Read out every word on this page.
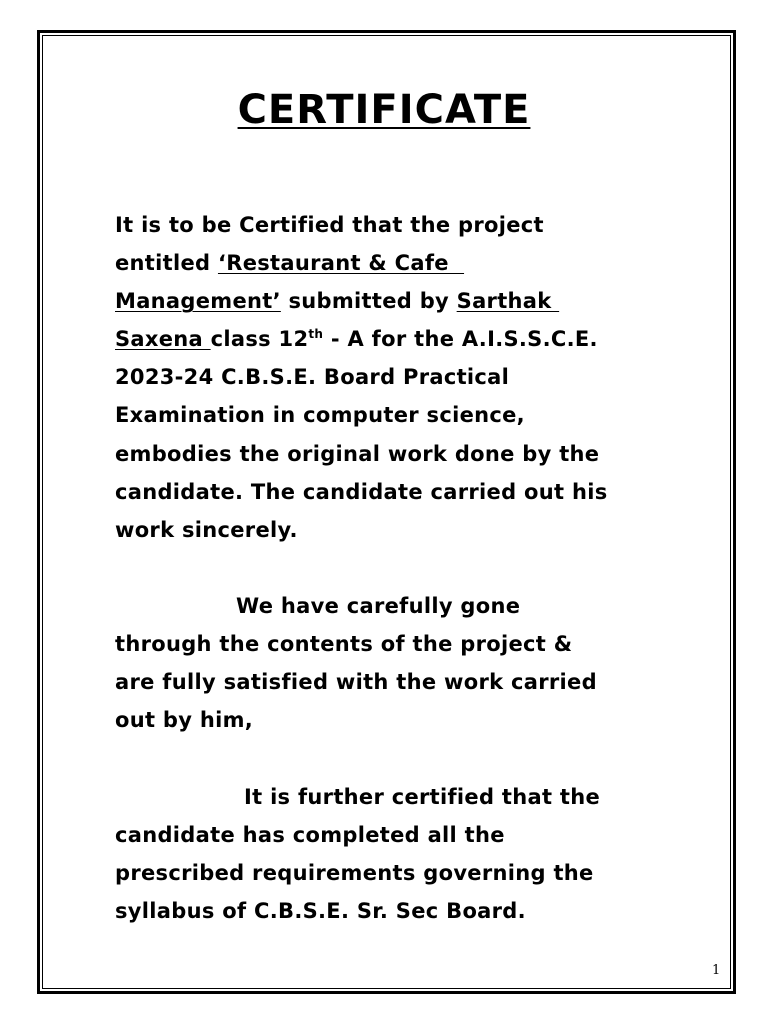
CERTIFICATE

It is to be Certified that the project

entitled ‘Restaurant & Cafe

Management’ submitted by Sarthak

Saxena class 12th - A for the A.I.S.S.C.E.

2023-24 C.B.S.E. Board Practical

Examination in computer science,

embodies the original work done by the

candidate. The candidate carried out his

work sincerely.

We have carefully gone

through the contents of the project &

are fully satisfied with the work carried

out by him,

It is further certified that the

candidate has completed all the

prescribed requirements governing the

syllabus of C.B.S.E. Sr. Sec Board.

1
